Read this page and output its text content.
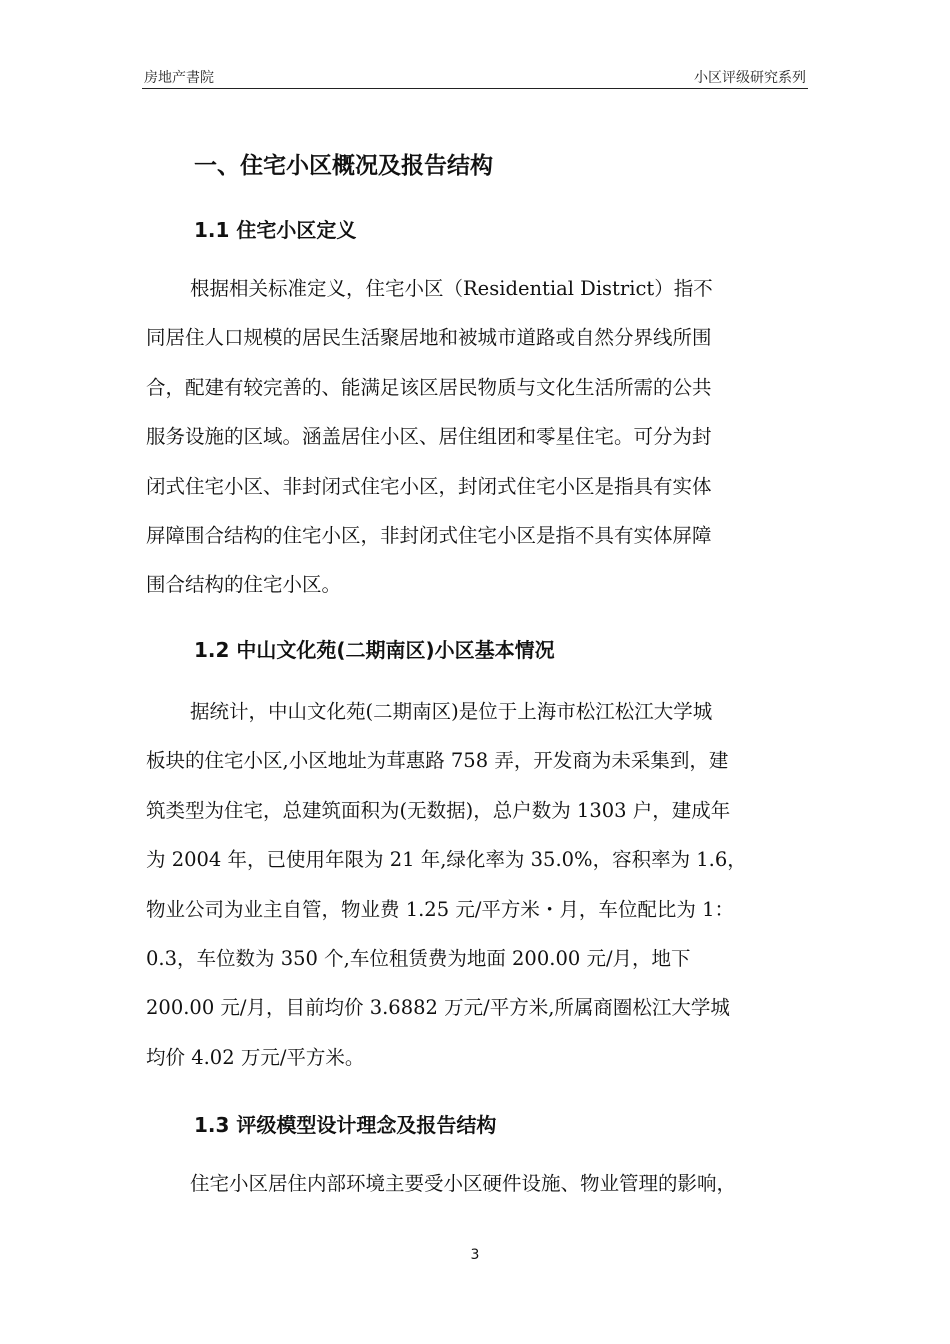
房地产書院	小区评级研究系列
一、住宅小区概况及报告结构
1.1 住宅小区定义
根据相关标准定义，住宅小区（Residential District）指不
同居住人口规模的居民生活聚居地和被城市道路或自然分界线所围
合，配建有较完善的、能满足该区居民物质与文化生活所需的公共
服务设施的区域。涵盖居住小区、居住组团和零星住宅。可分为封
闭式住宅小区、非封闭式住宅小区，封闭式住宅小区是指具有实体
屏障围合结构的住宅小区，非封闭式住宅小区是指不具有实体屏障
围合结构的住宅小区。
1.2 中山文化苑(二期南区)小区基本情况
据统计，中山文化苑(二期南区)是位于上海市松江松江大学城
板块的住宅小区,小区地址为茸惠路 758 弄，开发商为未采集到，建
筑类型为住宅，总建筑面积为(无数据)，总户数为 1303 户，建成年
为 2004 年，已使用年限为 21 年,绿化率为 35.0%，容积率为 1.6，
物业公司为业主自管，物业费 1.25 元/平方米・月，车位配比为 1：
0.3，车位数为 350 个,车位租赁费为地面 200.00 元/月，地下
200.00 元/月，目前均价 3.6882 万元/平方米,所属商圈松江大学城
均价 4.02 万元/平方米。
1.3 评级模型设计理念及报告结构
住宅小区居住内部环境主要受小区硬件设施、物业管理的影响，
3
